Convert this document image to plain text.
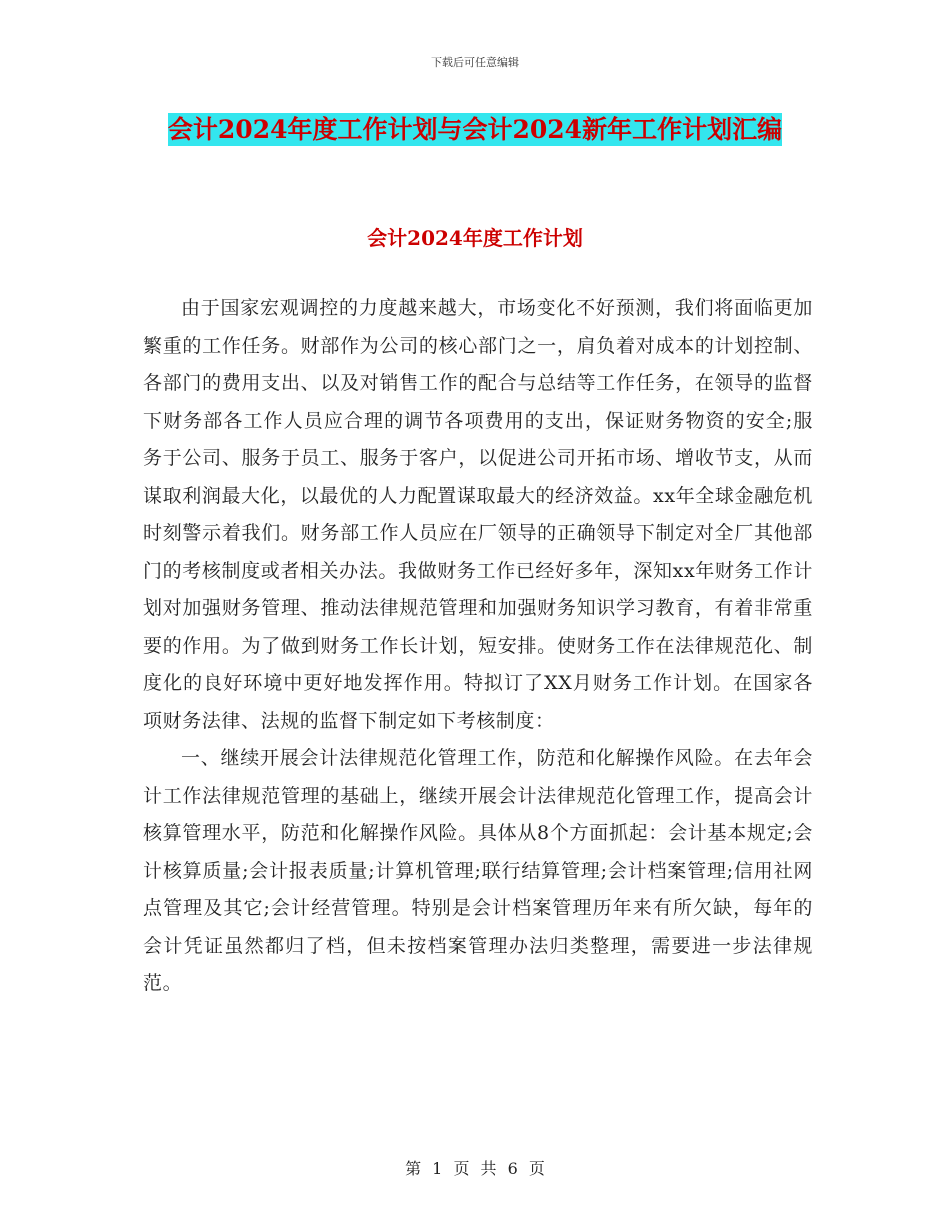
下载后可任意编辑
会计2024年度工作计划与会计2024新年工作计划汇编
会计2024年度工作计划

由于国家宏观调控的力度越来越大，市场变化不好预测，我们将面临更加繁重的工作任务。财部作为公司的核心部门之一，肩负着对成本的计划控制、各部门的费用支出、以及对销售工作的配合与总结等工作任务，在领导的监督下财务部各工作人员应合理的调节各项费用的支出，保证财务物资的安全;服务于公司、服务于员工、服务于客户，以促进公司开拓市场、增收节支，从而谋取利润最大化，以最优的人力配置谋取最大的经济效益。xx年全球金融危机时刻警示着我们。财务部工作人员应在厂领导的正确领导下制定对全厂其他部门的考核制度或者相关办法。我做财务工作已经好多年，深知xx年财务工作计划对加强财务管理、推动法律规范管理和加强财务知识学习教育，有着非常重要的作用。为了做到财务工作长计划，短安排。使财务工作在法律规范化、制度化的良好环境中更好地发挥作用。特拟订了XX月财务工作计划。在国家各项财务法律、法规的监督下制定如下考核制度：

一、继续开展会计法律规范化管理工作，防范和化解操作风险。在去年会计工作法律规范管理的基础上，继续开展会计法律规范化管理工作，提高会计核算管理水平，防范和化解操作风险。具体从8个方面抓起：会计基本规定;会计核算质量;会计报表质量;计算机管理;联行结算管理;会计档案管理;信用社网点管理及其它;会计经营管理。特别是会计档案管理历年来有所欠缺，每年的会计凭证虽然都归了档，但未按档案管理办法归类整理，需要进一步法律规范。

第 1 页 共 6 页
